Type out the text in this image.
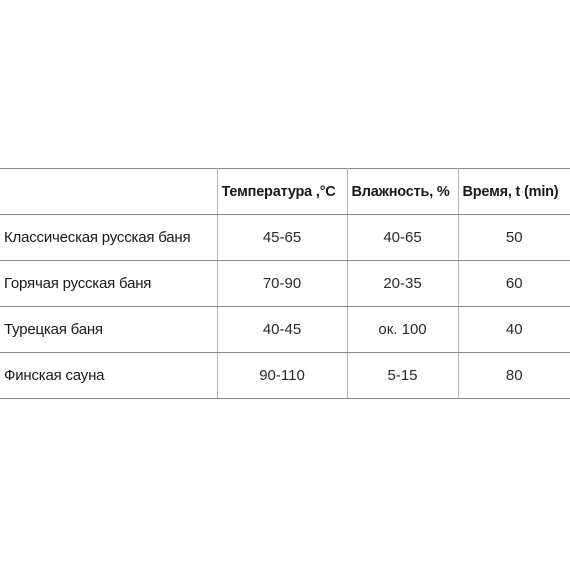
	Температура ,°C	Влажность, %	Время, t (min)
Классическая русская баня	45-65	40-65	50
Горячая русская баня	70-90	20-35	60
Турецкая баня	40-45	ок. 100	40
Финская сауна	90-110	5-15	80
